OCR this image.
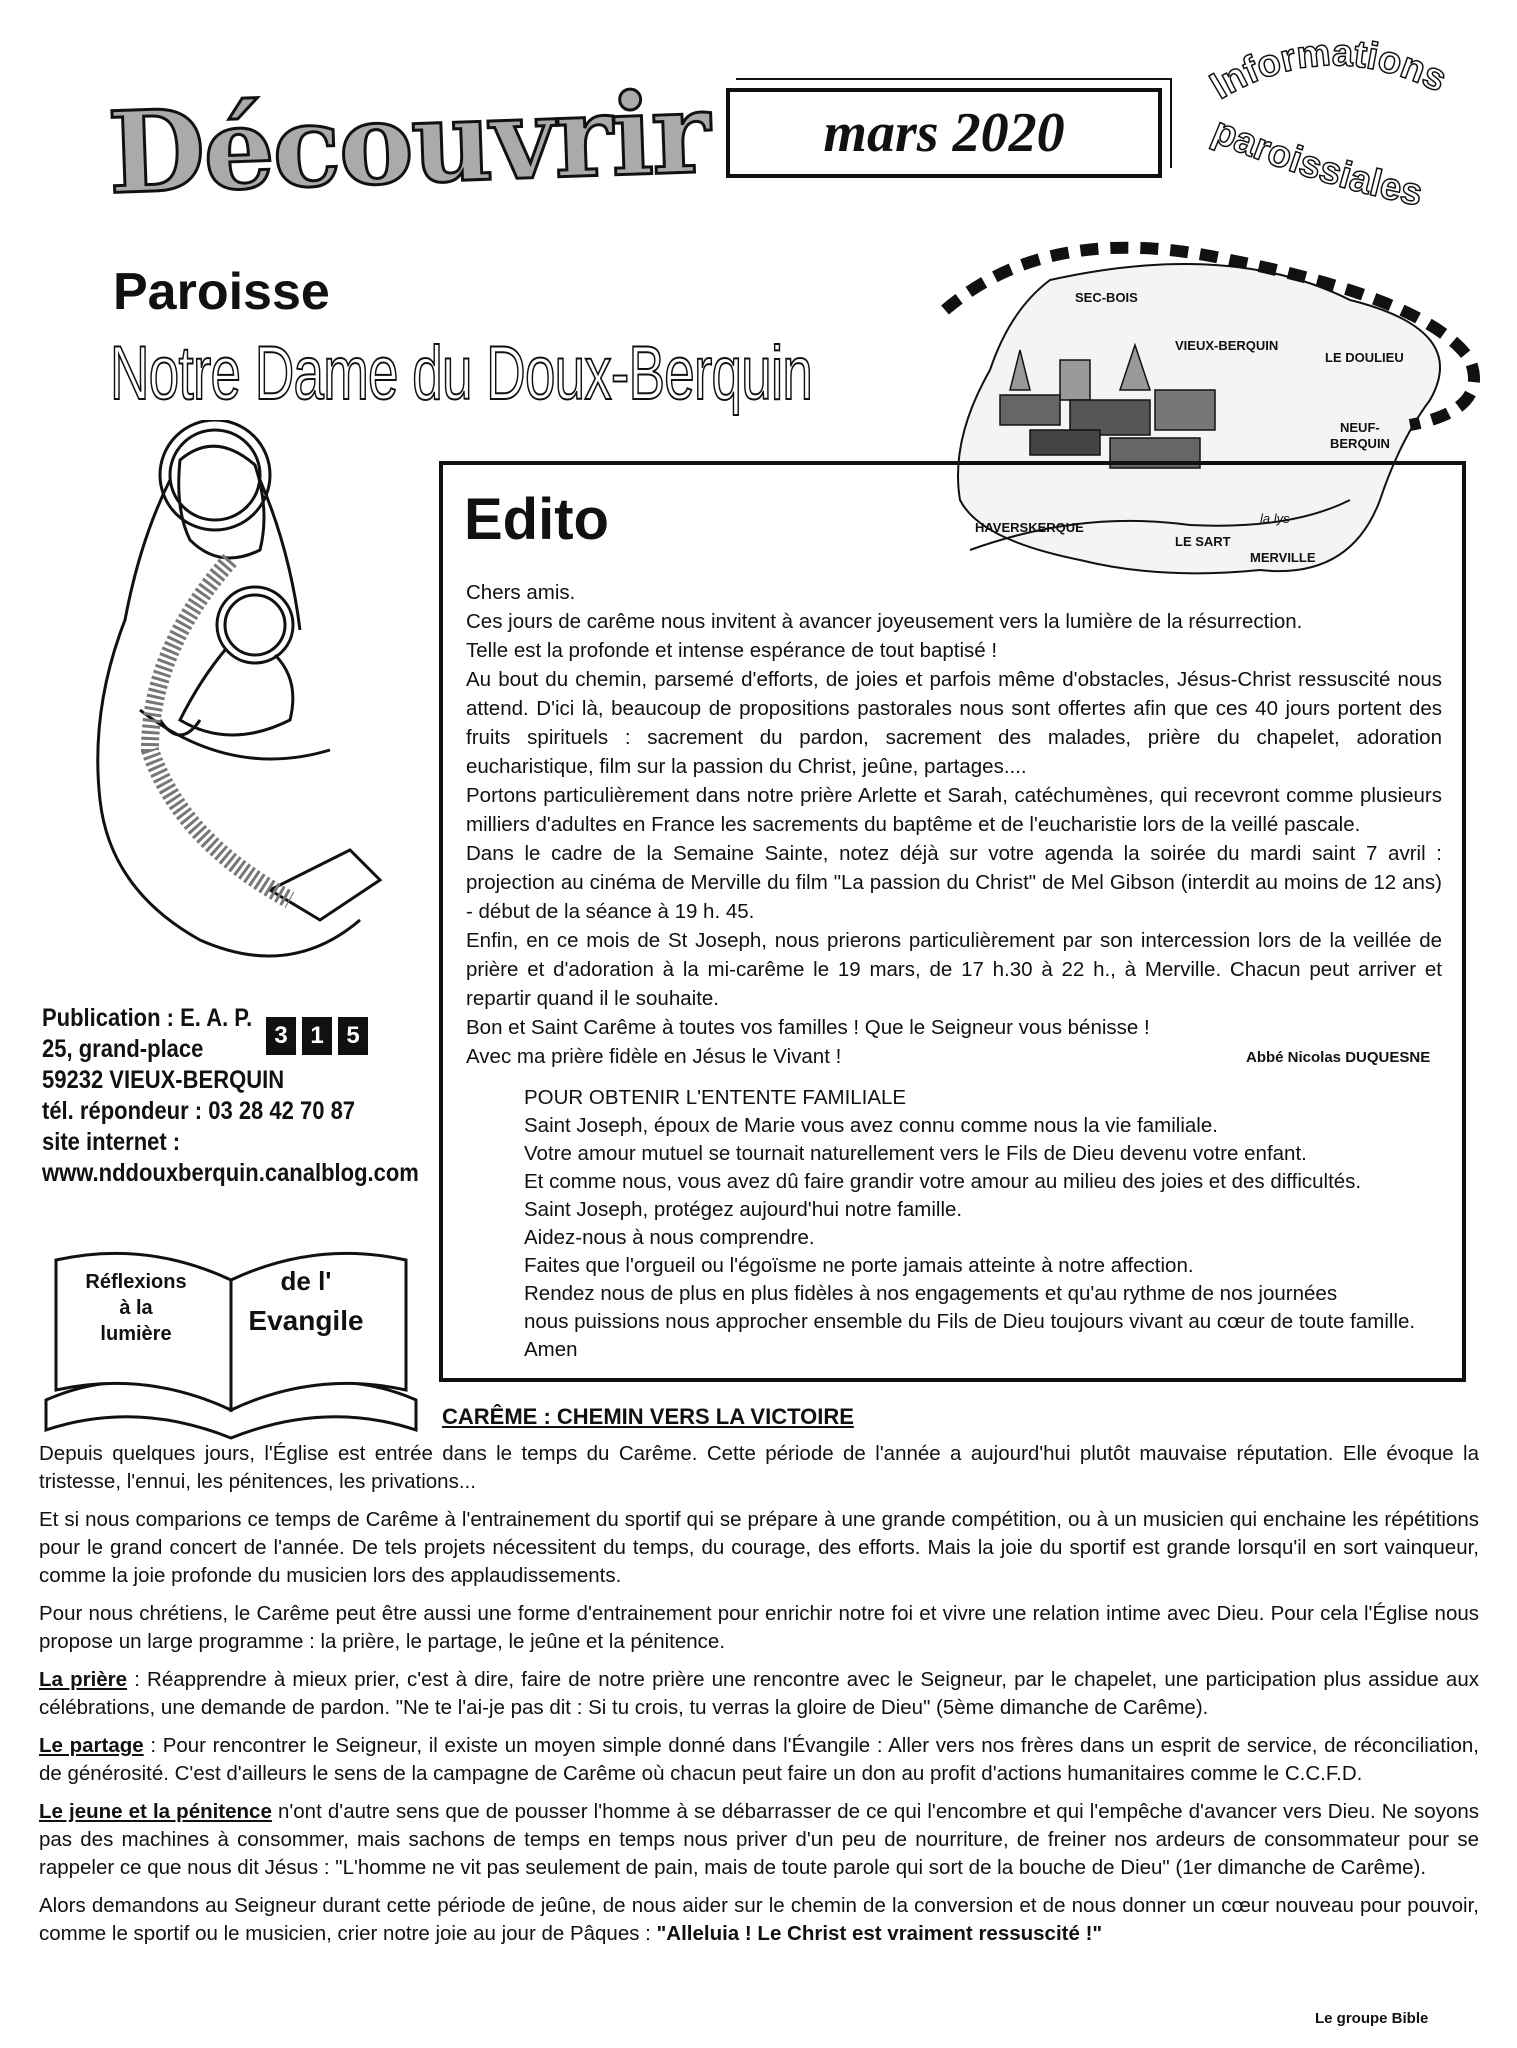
Découvrir	mars 2020
Informations
paroissiales
Paroisse
Notre Dame du Doux-Berquin
SEC-BOIS
VIEUX-BERQUIN
LE DOULIEU
NEUF-
BERQUIN
HAVERSKERQUE
LE SART
MERVILLE
la lys
Edito

Chers amis.

Ces jours de carême nous invitent à avancer joyeusement vers la lumière de la résurrection.

Telle est la profonde et intense espérance de tout baptisé !

Au bout du chemin, parsemé d'efforts, de joies et parfois même d'obstacles, Jésus-Christ ressuscité nous attend. D'ici là, beaucoup de propositions pastorales nous sont offertes afin que ces 40 jours portent des fruits spirituels : sacrement du pardon, sacrement des malades, prière du chapelet, adoration eucharistique, film sur la passion du Christ, jeûne, partages....

Portons particulièrement dans notre prière Arlette et Sarah, catéchumènes, qui recevront comme plusieurs milliers d'adultes en France les sacrements du baptême et de l'eucharistie lors de la veillé pascale.

Dans le cadre de la Semaine Sainte, notez déjà sur votre agenda la soirée du mardi saint 7 avril : projection au cinéma de Merville du film "La passion du Christ" de Mel Gibson (interdit au moins de 12 ans) - début de la séance à 19 h. 45.

Enfin, en ce mois de St Joseph, nous prierons particulièrement par son intercession lors de la veillée de prière et d'adoration à la mi-carême le 19 mars, de 17 h.30 à 22 h., à Merville. Chacun peut arriver et repartir quand il le souhaite.

Bon et Saint Carême à toutes vos familles ! Que le Seigneur vous bénisse !

Avec ma prière fidèle en Jésus le Vivant !	Abbé Nicolas DUQUESNE

POUR OBTENIR L'ENTENTE FAMILIALE

Saint Joseph, époux de Marie vous avez connu comme nous la vie familiale.

Votre amour mutuel se tournait naturellement vers le Fils de Dieu devenu votre enfant.

Et comme nous, vous avez dû faire grandir votre amour au milieu des joies et des difficultés.

Saint Joseph, protégez aujourd'hui notre famille.

Aidez-nous à nous comprendre.

Faites que l'orgueil ou l'égoïsme ne porte jamais atteinte à notre affection.

Rendez nous de plus en plus fidèles à nos engagements et qu'au rythme de nos journées

nous puissions nous approcher ensemble du Fils de Dieu toujours vivant au cœur de toute famille.

Amen

Publication : E. A. P.
25, grand-place
59232 VIEUX-BERQUIN
tél. répondeur : 03 28 42 70 87
site internet :
www.nddouxberquin.canalblog.com
3 1 5
Réflexions
à la
lumière
de l'
Evangile
CARÊME : CHEMIN VERS LA VICTOIRE

Depuis quelques jours, l'Église est entrée dans le temps du Carême. Cette période de l'année a aujourd'hui plutôt mauvaise réputation. Elle évoque la tristesse, l'ennui, les pénitences, les privations...

Et si nous comparions ce temps de Carême à l'entrainement du sportif qui se prépare à une grande compétition, ou à un musicien qui enchaine les répétitions pour le grand concert de l'année. De tels projets nécessitent du temps, du courage, des efforts. Mais la joie du sportif est grande lorsqu'il en sort vainqueur, comme la joie profonde du musicien lors des applaudissements.

Pour nous chrétiens, le Carême peut être aussi une forme d'entrainement pour enrichir notre foi et vivre une relation intime avec Dieu. Pour cela l'Église nous propose un large programme : la prière, le partage, le jeûne et la pénitence.

La prière : Réapprendre à mieux prier, c'est à dire, faire de notre prière une rencontre avec le Seigneur, par le chapelet, une participation plus assidue aux célébrations, une demande de pardon. "Ne te l'ai-je pas dit : Si tu crois, tu verras la gloire de Dieu" (5ème dimanche de Carême).

Le partage : Pour rencontrer le Seigneur, il existe un moyen simple donné dans l'Évangile : Aller vers nos frères dans un esprit de service, de réconciliation, de générosité. C'est d'ailleurs le sens de la campagne de Carême où chacun peut faire un don au profit d'actions humanitaires comme le C.C.F.D.

Le jeune et la pénitence n'ont d'autre sens que de pousser l'homme à se débarrasser de ce qui l'encombre et qui l'empêche d'avancer vers Dieu. Ne soyons pas des machines à consommer, mais sachons de temps en temps nous priver d'un peu de nourriture, de freiner nos ardeurs de consommateur pour se rappeler ce que nous dit Jésus : "L'homme ne vit pas seulement de pain, mais de toute parole qui sort de la bouche de Dieu" (1er dimanche de Carême).

Alors demandons au Seigneur durant cette période de jeûne, de nous aider sur le chemin de la conversion et de nous donner un cœur nouveau pour pouvoir, comme le sportif ou le musicien, crier notre joie au jour de Pâques : "Alleluia ! Le Christ est vraiment ressuscité !"

Le groupe Bible
